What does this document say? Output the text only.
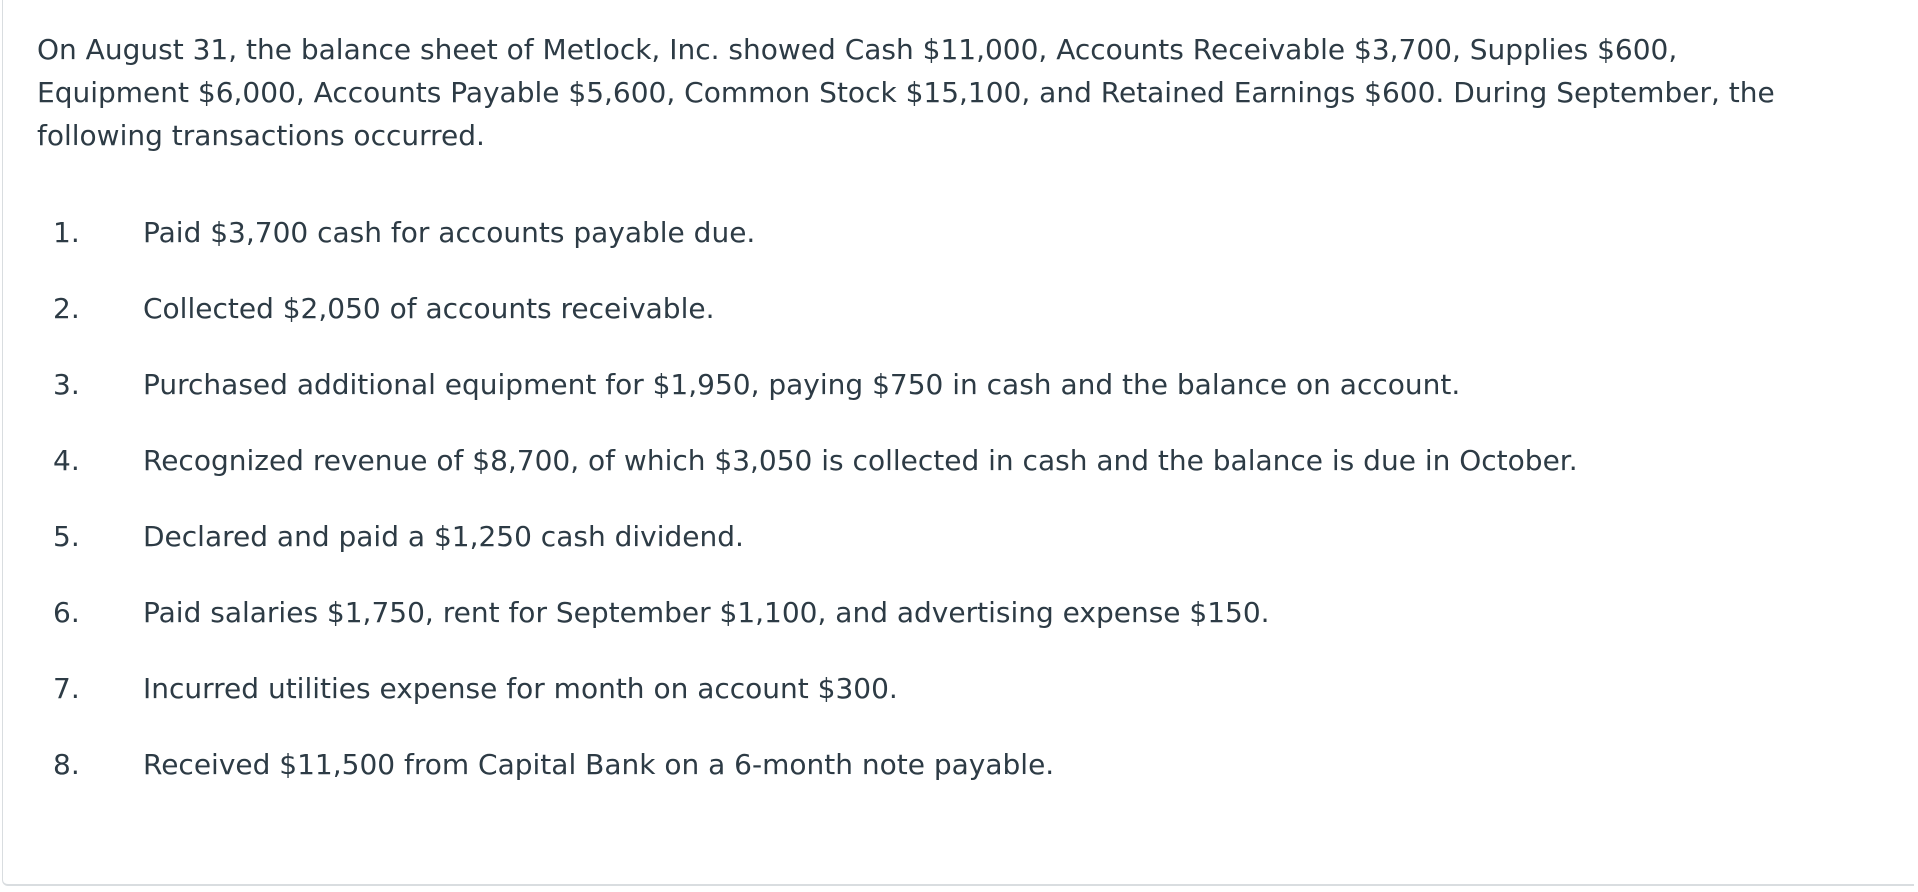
On August 31, the balance sheet of Metlock, Inc. showed Cash $11,000, Accounts Receivable $3,700, Supplies $600, Equipment $6,000, Accounts Payable $5,600, Common Stock $15,100, and Retained Earnings $600. During September, the following transactions occurred.

1.	Paid $3,700 cash for accounts payable due.
2.	Collected $2,050 of accounts receivable.
3.	Purchased additional equipment for $1,950, paying $750 in cash and the balance on account.
4.	Recognized revenue of $8,700, of which $3,050 is collected in cash and the balance is due in October.
5.	Declared and paid a $1,250 cash dividend.
6.	Paid salaries $1,750, rent for September $1,100, and advertising expense $150.
7.	Incurred utilities expense for month on account $300.
8.	Received $11,500 from Capital Bank on a 6-month note payable.
